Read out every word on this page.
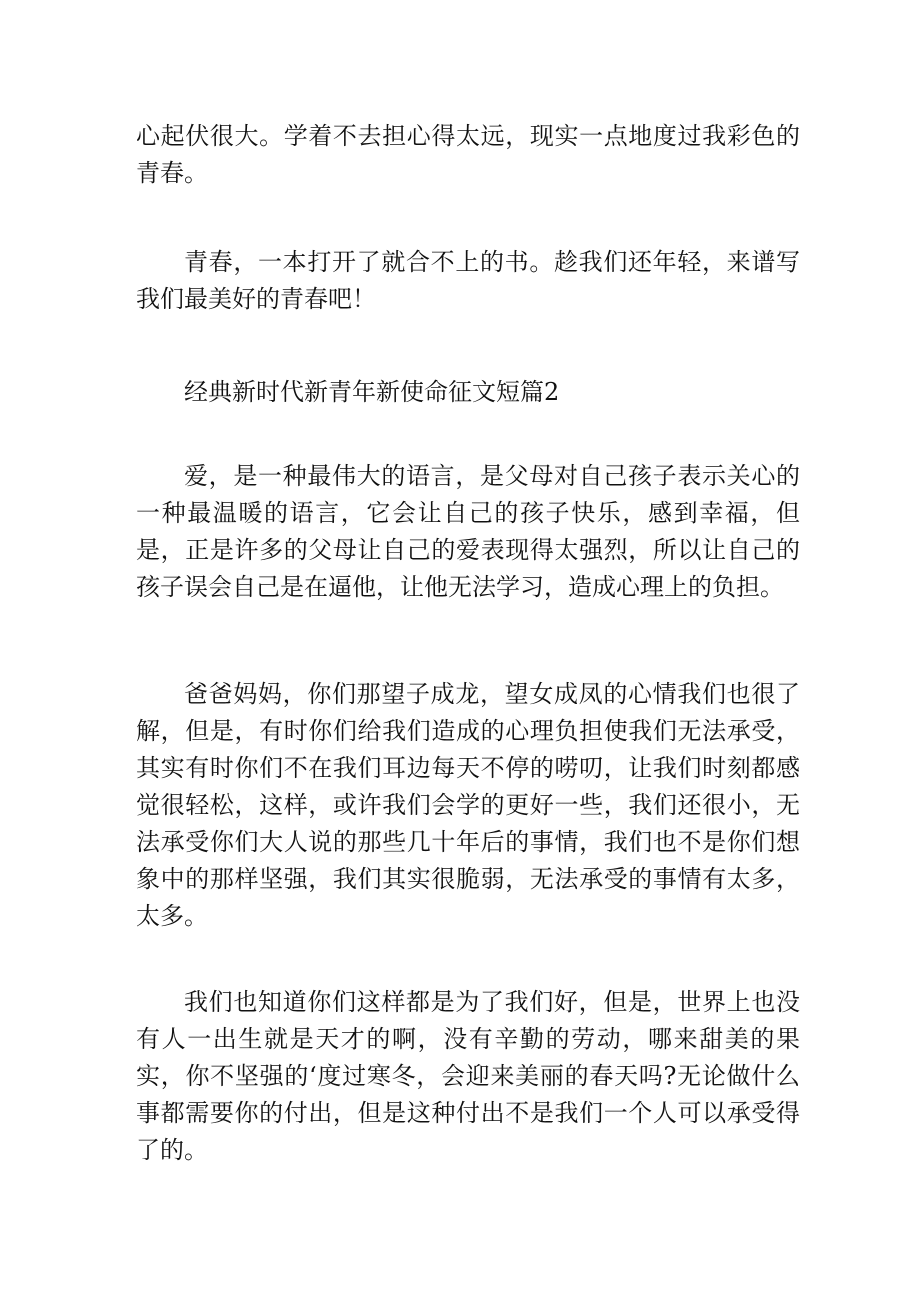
心起伏很大。学着不去担心得太远，现实一点地度过我彩色的青春。

青春，一本打开了就合不上的书。趁我们还年轻，来谱写我们最美好的青春吧！

经典新时代新青年新使命征文短篇2

爱，是一种最伟大的语言，是父母对自己孩子表示关心的一种最温暖的语言，它会让自己的孩子快乐，感到幸福，但是，正是许多的父母让自己的爱表现得太强烈，所以让自己的孩子误会自己是在逼他，让他无法学习，造成心理上的负担。

爸爸妈妈，你们那望子成龙，望女成凤的心情我们也很了解，但是，有时你们给我们造成的心理负担使我们无法承受，其实有时你们不在我们耳边每天不停的唠叨，让我们时刻都感觉很轻松，这样，或许我们会学的更好一些，我们还很小，无法承受你们大人说的那些几十年后的事情，我们也不是你们想象中的那样坚强，我们其实很脆弱，无法承受的事情有太多，太多。

我们也知道你们这样都是为了我们好，但是，世界上也没有人一出生就是天才的啊，没有辛勤的劳动，哪来甜美的果实，你不坚强的‘度过寒冬，会迎来美丽的春天吗?无论做什么事都需要你的付出，但是这种付出不是我们一个人可以承受得了的。
